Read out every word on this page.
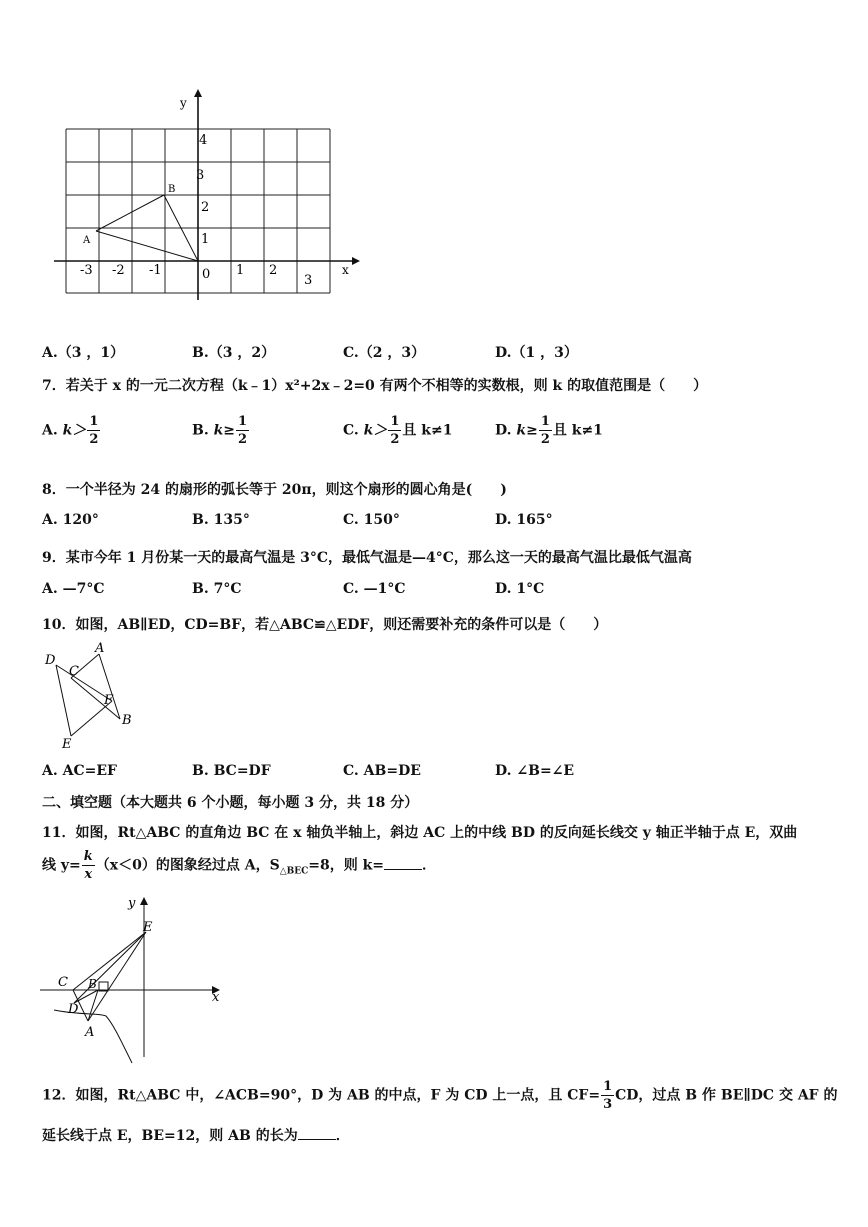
y
x
-3 -2 -1	0 1 2
3
1
2
3
4
A
B
A.（3 ，1）	B.（3 ，2）	C.（2 ，3）	D.（1 ，3）
7．若关于 x 的一元二次方程（k﹣1）x²+2x﹣2=0 有两个不相等的实数根，则 k 的取值范围是（　　）
A. $k> \frac{1}{2}$	B. $k\ge \frac{1}{2}$	C. $k> \frac{1}{2}$ 且 k≠1	D. $k\ge \frac{1}{2}$ 且 k≠1
8．一个半径为 24 的扇形的弧长等于 20π，则这个扇形的圆心角是(　　)
A. 120°	B. 135°	C. 150°	D. 165°
9．某市今年 1 月份某一天的最高气温是 3°C，最低气温是—4°C，那么这一天的最高气温比最低气温高
A. —7°C	B. 7°C	C. —1°C	D. 1°C
10．如图，AB∥ED，CD=BF，若△ABC≌△EDF，则还需要补充的条件可以是（　　）
D
A
C
F
B
E
A. AC=EF	B. BC=DF	C. AB=DE	D. ∠B=∠E
二、填空题（本大题共 6 个小题，每小题 3 分，共 18 分）
11．如图，Rt△ABC 的直角边 BC 在 x 轴负半轴上，斜边 AC 上的中线 BD 的反向延长线交 y 轴正半轴于点 E，双曲
线 $y= \frac{k}{x} (x<0)$的图象经过点 A，$S_{\triangle BEC}=8$，则 k=	．
y
x
E
C B
D
A
12．如图，Rt△ABC 中，∠ACB=90°，D 为 AB 的中点，F 为 CD 上一点，且 $CF= \frac{1}{3}$ CD，过点 B 作 BE∥DC 交 AF 的
延长线于点 E，BE=12，则 AB 的长为	．
